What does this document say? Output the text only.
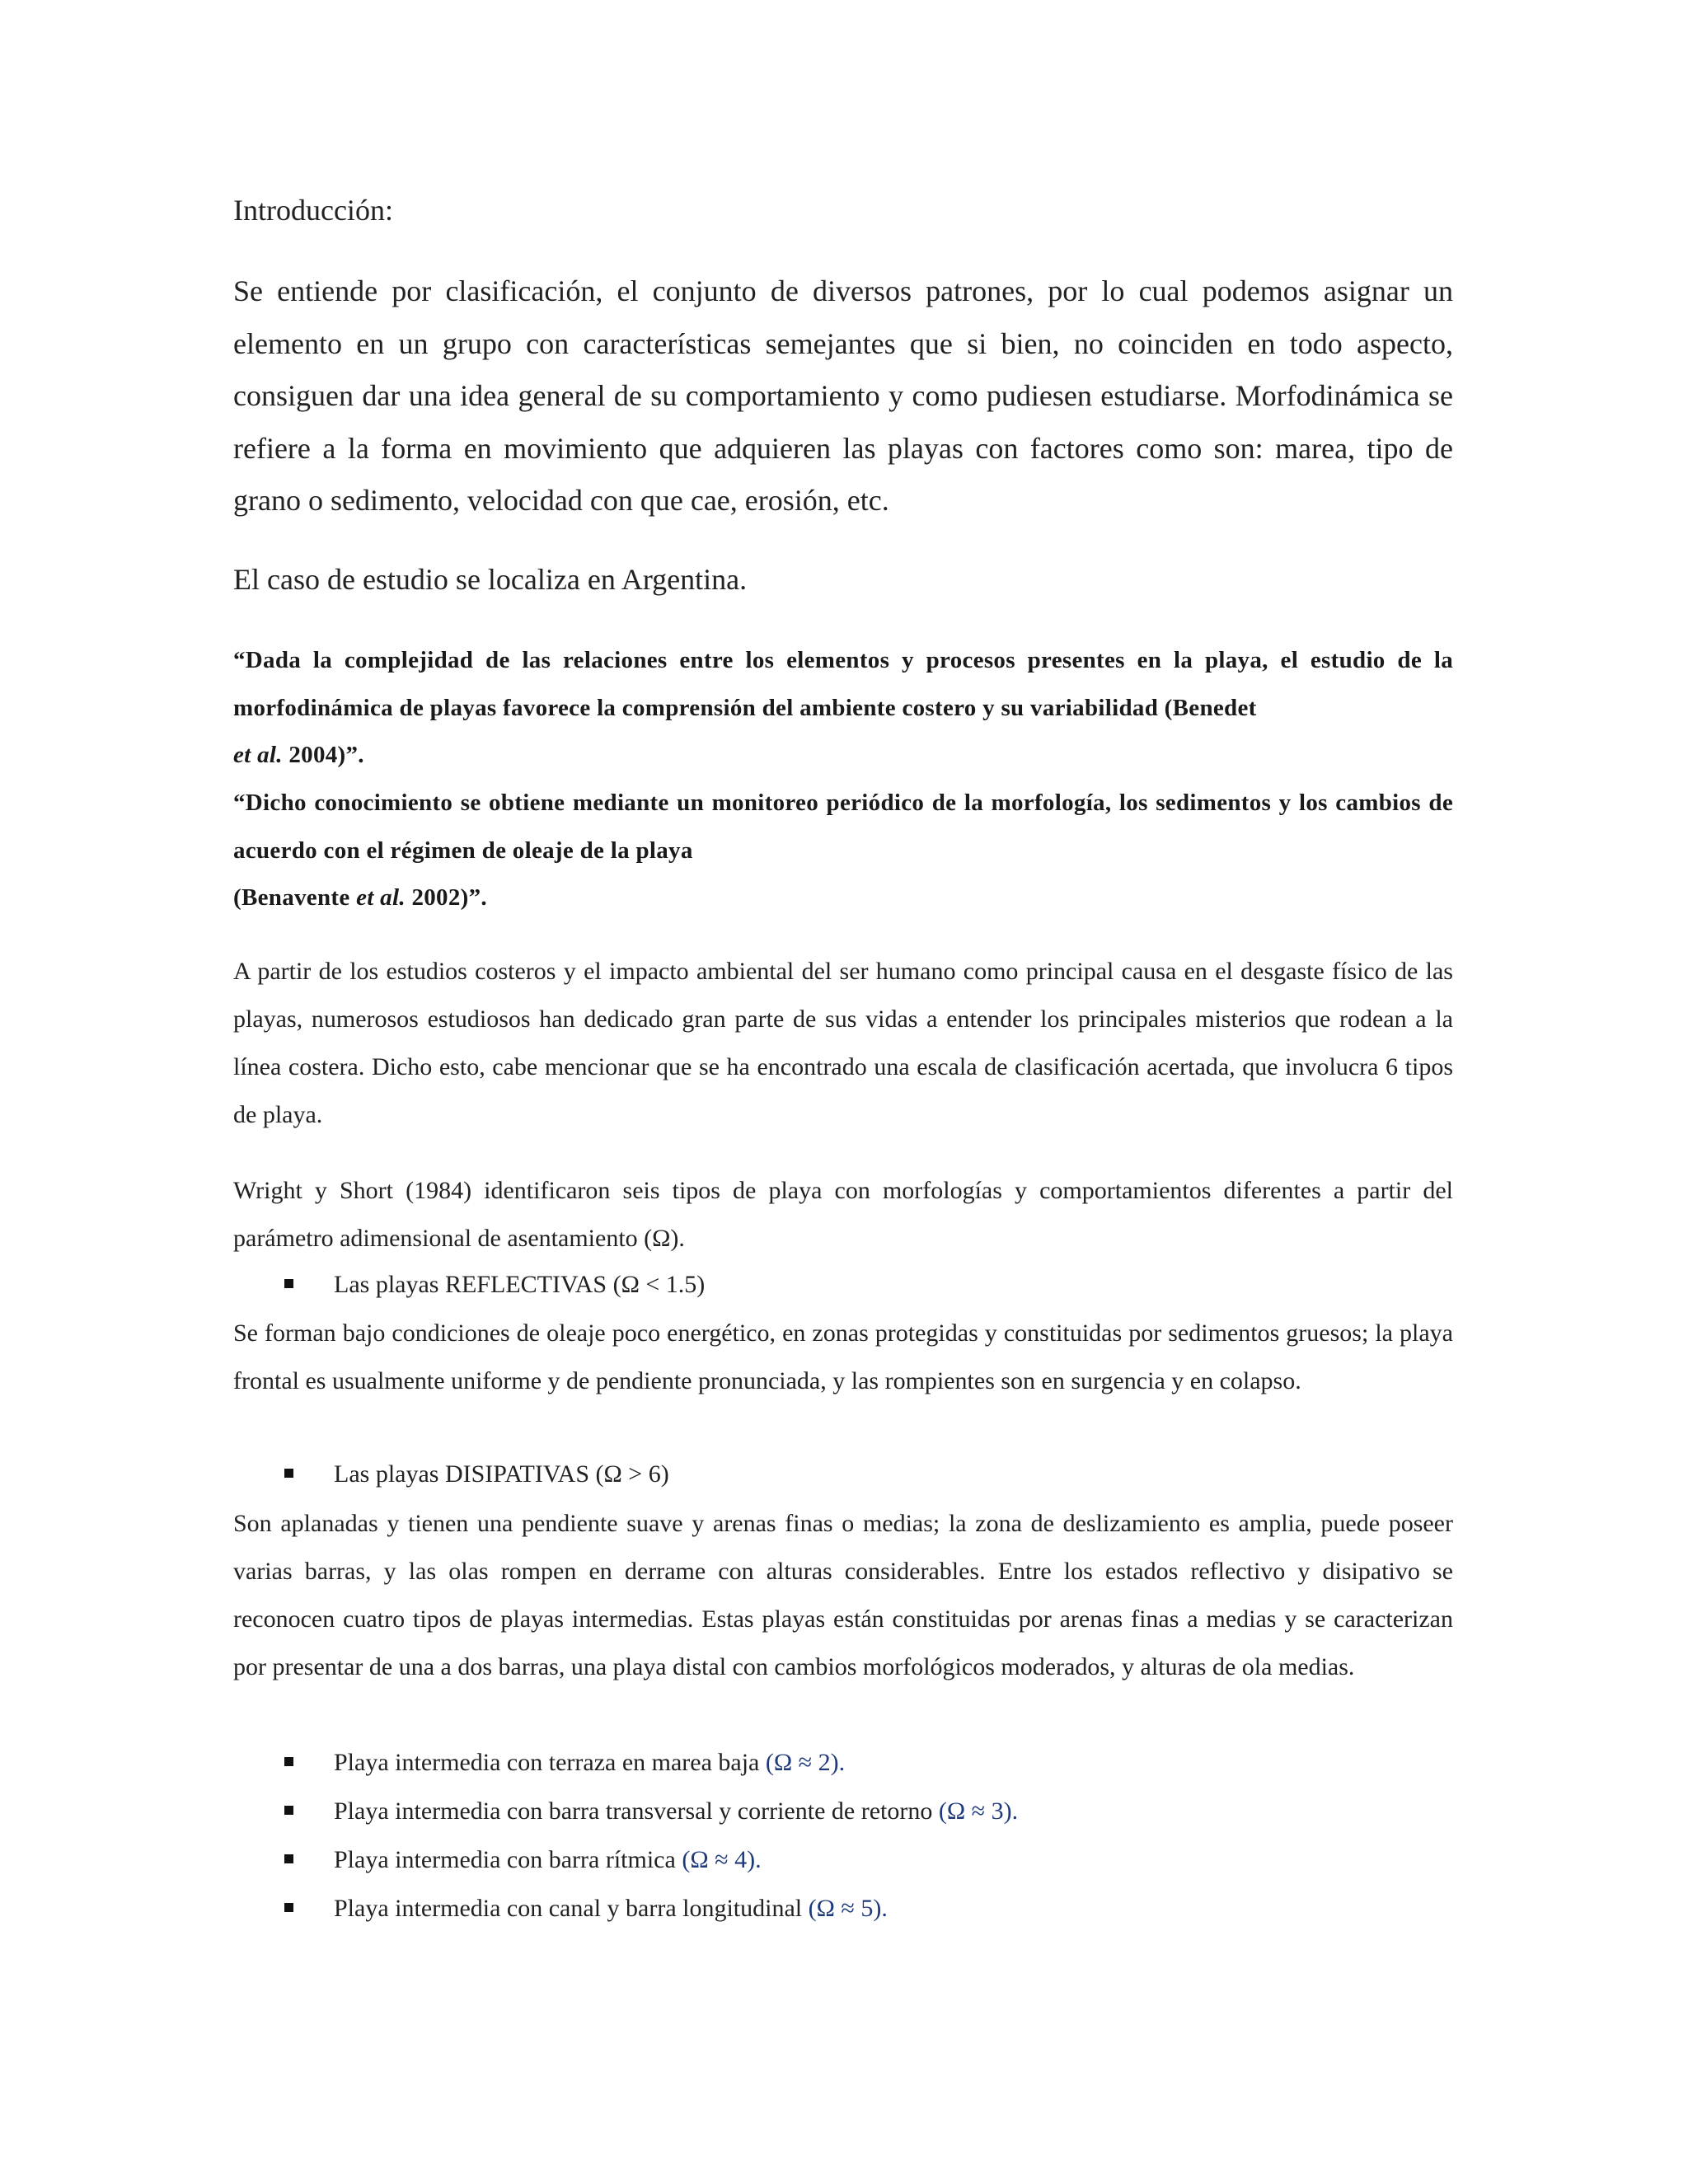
Introducción:
Se entiende por clasificación, el conjunto de diversos patrones, por lo cual podemos asignar un elemento en un grupo con características semejantes que si bien, no coinciden en todo aspecto, consiguen dar una idea general de su comportamiento y como pudiesen estudiarse. Morfodinámica se refiere a la forma en movimiento que adquieren las playas con factores como son: marea, tipo de grano o sedimento, velocidad con que cae, erosión, etc.
El caso de estudio se localiza en Argentina.
“Dada la complejidad de las relaciones entre los elementos y procesos presentes en la playa, el estudio de la morfodinámica de playas favorece la comprensión del ambiente costero y su variabilidad (Benedet
et al. 2004)”.
“Dicho conocimiento se obtiene mediante un monitoreo periódico de la morfología, los sedimentos y los cambios de acuerdo con el régimen de oleaje de la playa
(Benavente et al. 2002)”.
A partir de los estudios costeros y el impacto ambiental del ser humano como principal causa en el desgaste físico de las playas, numerosos estudiosos han dedicado gran parte de sus vidas a entender los principales misterios que rodean a la línea costera. Dicho esto, cabe mencionar que se ha encontrado una escala de clasificación acertada, que involucra 6 tipos de playa.
Wright y Short (1984) identificaron seis tipos de playa con morfologías y comportamientos diferentes a partir del parámetro adimensional de asentamiento (Ω).
Las playas REFLECTIVAS (Ω < 1.5)
Se forman bajo condiciones de oleaje poco energético, en zonas protegidas y constituidas por sedimentos gruesos; la playa frontal es usualmente uniforme y de pendiente pronunciada, y las rompientes son en surgencia y en colapso.
Las playas DISIPATIVAS (Ω > 6)
Son aplanadas y tienen una pendiente suave y arenas finas o medias; la zona de deslizamiento es amplia, puede poseer varias barras, y las olas rompen en derrame con alturas considerables. Entre los estados reflectivo y disipativo se reconocen cuatro tipos de playas intermedias. Estas playas están constituidas por arenas finas a medias y se caracterizan por presentar de una a dos barras, una playa distal con cambios morfológicos moderados, y alturas de ola medias.
Playa intermedia con terraza en marea baja (Ω ≈ 2).
Playa intermedia con barra transversal y corriente de retorno (Ω ≈ 3).
Playa intermedia con barra rítmica (Ω ≈ 4).
Playa intermedia con canal y barra longitudinal (Ω ≈ 5).
